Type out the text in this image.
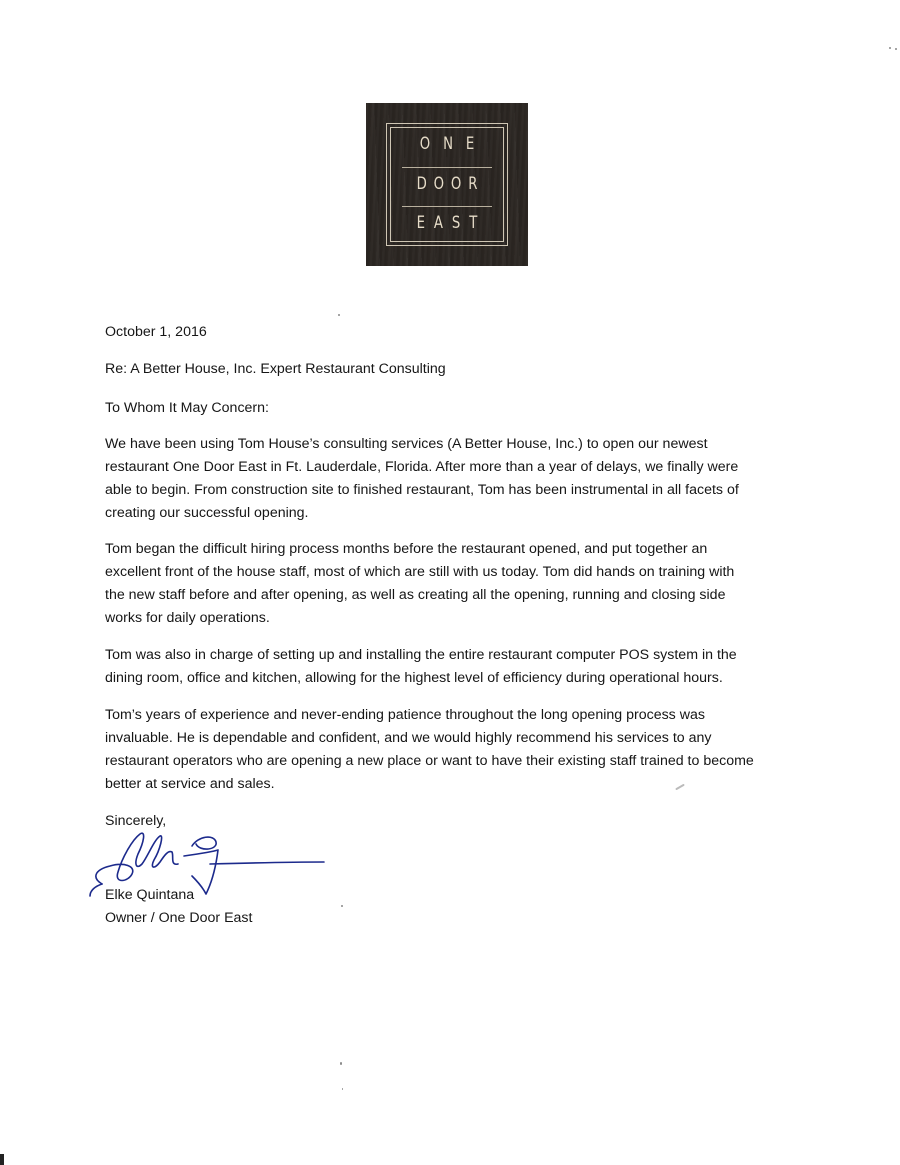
O N E
D O O R
E A S T

October 1, 2016

Re: A Better House, Inc. Expert Restaurant Consulting

To Whom It May Concern:

We have been using Tom House’s consulting services (A Better House, Inc.) to open our newest
restaurant One Door East in Ft. Lauderdale, Florida. After more than a year of delays, we finally were
able to begin. From construction site to finished restaurant, Tom has been instrumental in all facets of
creating our successful opening.
Tom began the difficult hiring process months before the restaurant opened, and put together an
excellent front of the house staff, most of which are still with us today. Tom did hands on training with
the new staff before and after opening, as well as creating all the opening, running and closing side
works for daily operations.
Tom was also in charge of setting up and installing the entire restaurant computer POS system in the
dining room, office and kitchen, allowing for the highest level of efficiency during operational hours.
Tom’s years of experience and never-ending patience throughout the long opening process was
invaluable. He is dependable and confident, and we would highly recommend his services to any
restaurant operators who are opening a new place or want to have their existing staff trained to become
better at service and sales.

Sincerely,

Elke Quintana

Owner / One Door East
